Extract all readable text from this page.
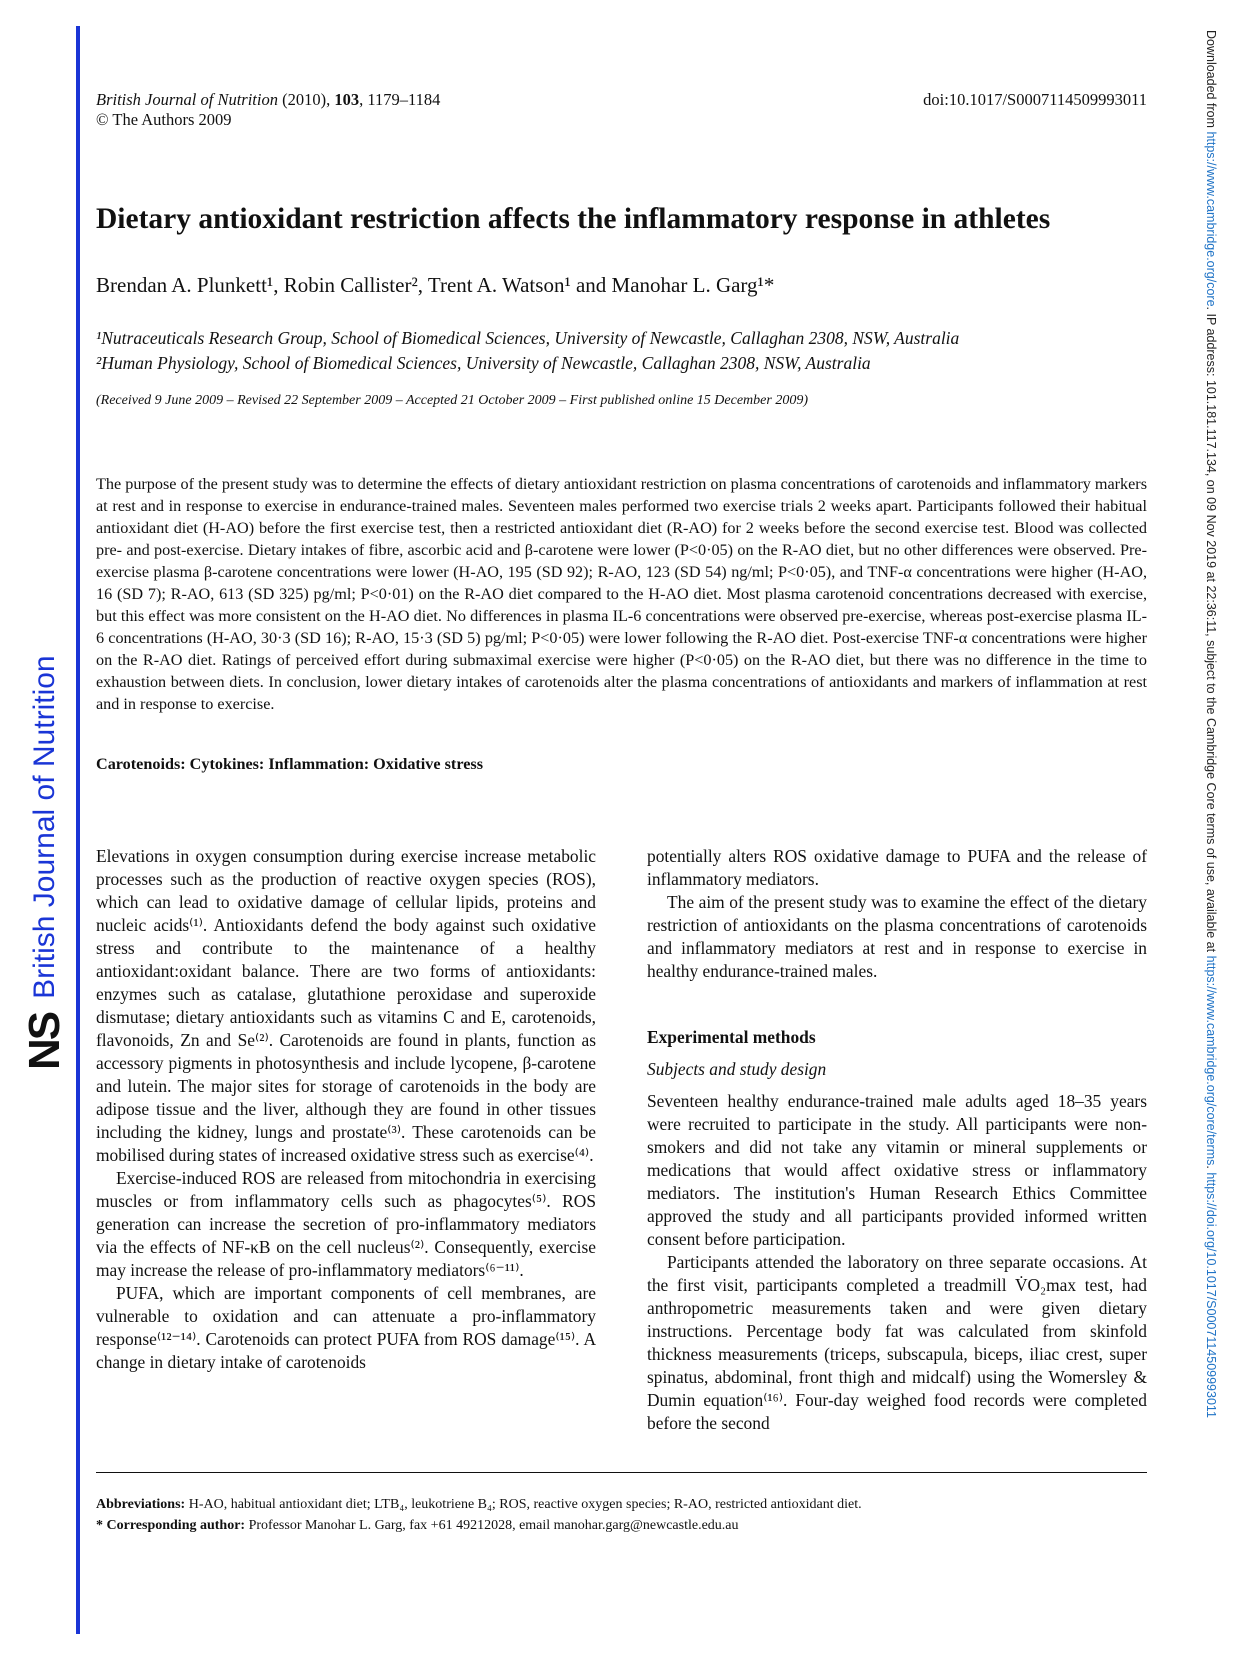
NS
British Journal of Nutrition
Downloaded from https://www.cambridge.org/core. IP address: 101.181.117.134, on 09 Nov 2019 at 22:36:11, subject to the Cambridge Core terms of use, available at https://www.cambridge.org/core/terms. https://doi.org/10.1017/S0007114509993011
British Journal of Nutrition (2010), 103, 1179–1184
© The Authors 2009
doi:10.1017/S0007114509993011
Dietary antioxidant restriction affects the inflammatory response in athletes
Brendan A. Plunkett¹, Robin Callister², Trent A. Watson¹ and Manohar L. Garg¹*
¹Nutraceuticals Research Group, School of Biomedical Sciences, University of Newcastle, Callaghan 2308, NSW, Australia
²Human Physiology, School of Biomedical Sciences, University of Newcastle, Callaghan 2308, NSW, Australia
(Received 9 June 2009 – Revised 22 September 2009 – Accepted 21 October 2009 – First published online 15 December 2009)
The purpose of the present study was to determine the effects of dietary antioxidant restriction on plasma concentrations of carotenoids and inflammatory markers at rest and in response to exercise in endurance-trained males. Seventeen males performed two exercise trials 2 weeks apart. Participants followed their habitual antioxidant diet (H-AO) before the first exercise test, then a restricted antioxidant diet (R-AO) for 2 weeks before the second exercise test. Blood was collected pre- and post-exercise. Dietary intakes of fibre, ascorbic acid and β-carotene were lower (P<0·05) on the R-AO diet, but no other differences were observed. Pre-exercise plasma β-carotene concentrations were lower (H-AO, 195 (SD 92); R-AO, 123 (SD 54) ng/ml; P<0·05), and TNF-α concentrations were higher (H-AO, 16 (SD 7); R-AO, 613 (SD 325) pg/ml; P<0·01) on the R-AO diet compared to the H-AO diet. Most plasma carotenoid concentrations decreased with exercise, but this effect was more consistent on the H-AO diet. No differences in plasma IL-6 concentrations were observed pre-exercise, whereas post-exercise plasma IL-6 concentrations (H-AO, 30·3 (SD 16); R-AO, 15·3 (SD 5) pg/ml; P<0·05) were lower following the R-AO diet. Post-exercise TNF-α concentrations were higher on the R-AO diet. Ratings of perceived effort during submaximal exercise were higher (P<0·05) on the R-AO diet, but there was no difference in the time to exhaustion between diets. In conclusion, lower dietary intakes of carotenoids alter the plasma concentrations of antioxidants and markers of inflammation at rest and in response to exercise.
Carotenoids: Cytokines: Inflammation: Oxidative stress

Elevations in oxygen consumption during exercise increase metabolic processes such as the production of reactive oxygen species (ROS), which can lead to oxidative damage of cellular lipids, proteins and nucleic acids⁽¹⁾. Antioxidants defend the body against such oxidative stress and contribute to the maintenance of a healthy antioxidant:oxidant balance. There are two forms of antioxidants: enzymes such as catalase, glutathione peroxidase and superoxide dismutase; dietary antioxidants such as vitamins C and E, carotenoids, flavonoids, Zn and Se⁽²⁾. Carotenoids are found in plants, function as accessory pigments in photosynthesis and include lycopene, β-carotene and lutein. The major sites for storage of carotenoids in the body are adipose tissue and the liver, although they are found in other tissues including the kidney, lungs and prostate⁽³⁾. These carotenoids can be mobilised during states of increased oxidative stress such as exercise⁽⁴⁾.

Exercise-induced ROS are released from mitochondria in exercising muscles or from inflammatory cells such as phagocytes⁽⁵⁾. ROS generation can increase the secretion of pro-inflammatory mediators via the effects of NF-κB on the cell nucleus⁽²⁾. Consequently, exercise may increase the release of pro-inflammatory mediators⁽⁶⁻¹¹⁾.

PUFA, which are important components of cell membranes, are vulnerable to oxidation and can attenuate a pro-inflammatory response⁽¹²⁻¹⁴⁾. Carotenoids can protect PUFA from ROS damage⁽¹⁵⁾. A change in dietary intake of carotenoids

potentially alters ROS oxidative damage to PUFA and the release of inflammatory mediators.

The aim of the present study was to examine the effect of the dietary restriction of antioxidants on the plasma concentrations of carotenoids and inflammatory mediators at rest and in response to exercise in healthy endurance-trained males.

Experimental methods
Subjects and study design

Seventeen healthy endurance-trained male adults aged 18–35 years were recruited to participate in the study. All participants were non-smokers and did not take any vitamin or mineral supplements or medications that would affect oxidative stress or inflammatory mediators. The institution's Human Research Ethics Committee approved the study and all participants provided informed written consent before participation.

Participants attended the laboratory on three separate occasions. At the first visit, participants completed a treadmill V̇O₂max test, had anthropometric measurements taken and were given dietary instructions. Percentage body fat was calculated from skinfold thickness measurements (triceps, subscapula, biceps, iliac crest, super spinatus, abdominal, front thigh and midcalf) using the Womersley & Dumin equation⁽¹⁶⁾. Four-day weighed food records were completed before the second

Abbreviations: H-AO, habitual antioxidant diet; LTB₄, leukotriene B₄; ROS, reactive oxygen species; R-AO, restricted antioxidant diet.
* Corresponding author: Professor Manohar L. Garg, fax +61 49212028, email manohar.garg@newcastle.edu.au
